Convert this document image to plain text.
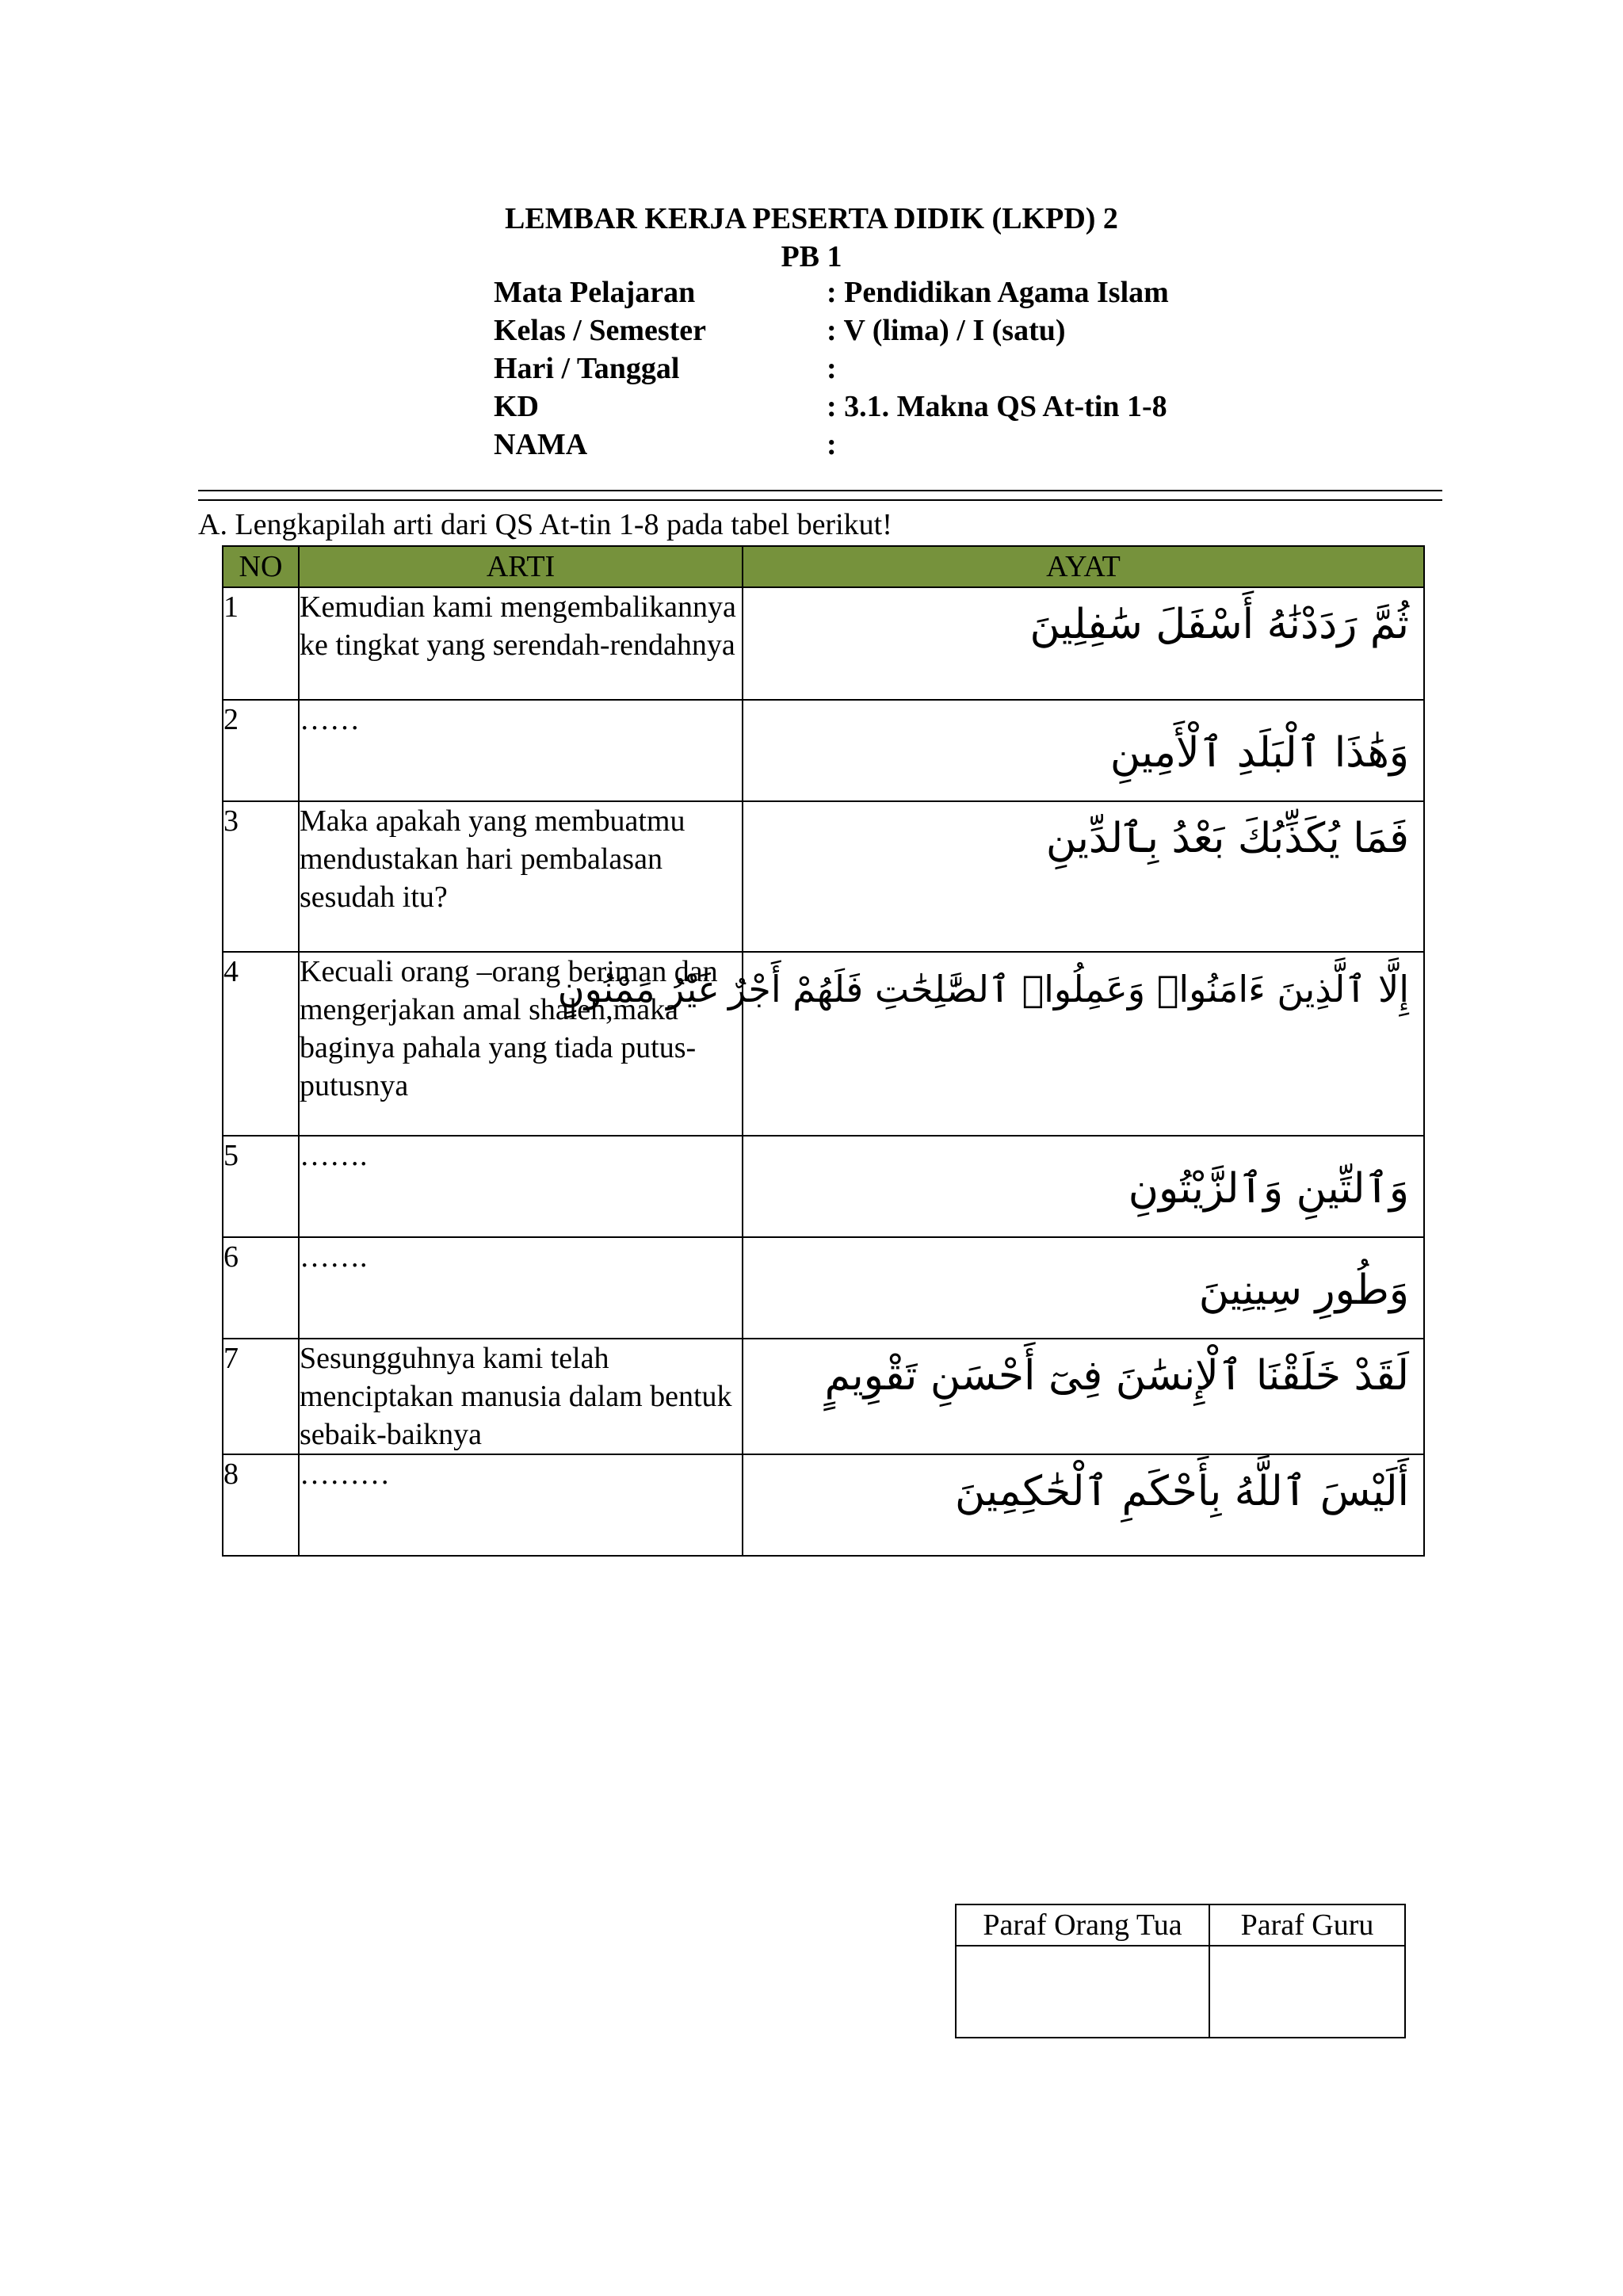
LEMBAR KERJA PESERTA DIDIK (LKPD) 2
PB 1
Mata Pelajaran	: Pendidikan Agama Islam
Kelas / Semester	: V (lima) / I (satu)
Hari / Tanggal	:
KD	: 3.1. Makna QS At-tin 1-8
NAMA	:
A. Lengkapilah arti dari QS At-tin 1-8 pada tabel berikut!
NO	ARTI	AYAT
1	Kemudian kami mengembalikannya ke tingkat yang serendah-rendahnya	ثُمَّ رَدَدْنَٰهُ أَسْفَلَ سَٰفِلِينَ

2	……	وَهَٰذَا ٱلْبَلَدِ ٱلْأَمِينِ

3	Maka apakah yang membuatmu mendustakan hari pembalasan sesudah itu?	فَمَا يُكَذِّبُكَ بَعْدُ بِٱلدِّينِ

4	Kecuali orang –orang beriman dan mengerjakan amal shaleh,maka baginya pahala yang tiada putus-putusnya	إِلَّا ٱلَّذِينَ ءَامَنُوا۟ وَعَمِلُوا۟ ٱلصَّٰلِحَٰتِ فَلَهُمْ أَجْرٌ غَيْرُ مَمْنُونٍ

5	…….	وَٱلتِّينِ وَٱلزَّيْتُونِ

6	…….	وَطُورِ سِينِينَ

7	Sesungguhnya kami telah menciptakan manusia dalam bentuk sebaik-baiknya	لَقَدْ خَلَقْنَا ٱلْإِنسَٰنَ فِىٓ أَحْسَنِ تَقْوِيمٍ

8	………	أَلَيْسَ ٱللَّهُ بِأَحْكَمِ ٱلْحَٰكِمِينَ
Paraf Orang Tua	Paraf Guru
